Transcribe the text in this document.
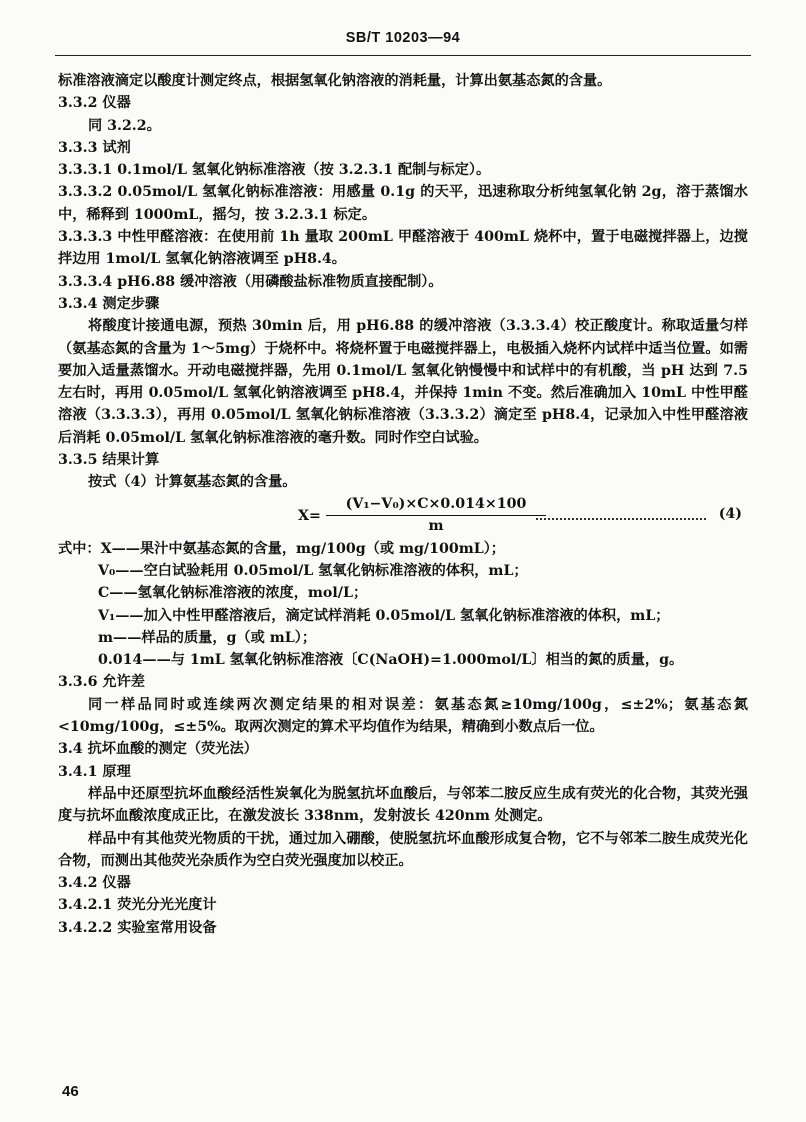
SB/T 10203—94

标准溶液滴定以酸度计测定终点，根据氢氧化钠溶液的消耗量，计算出氨基态氮的含量。

3.3.2 仪器

同 3.2.2。

3.3.3 试剂

3.3.3.1 0.1mol/L 氢氧化钠标准溶液（按 3.2.3.1 配制与标定）。

3.3.3.2 0.05mol/L 氢氧化钠标准溶液：用感量 0.1g 的天平，迅速称取分析纯氢氧化钠 2g，溶于蒸馏水中，稀释到 1000mL，摇匀，按 3.2.3.1 标定。

3.3.3.3 中性甲醛溶液：在使用前 1h 量取 200mL 甲醛溶液于 400mL 烧杯中，置于电磁搅拌器上，边搅拌边用 1mol/L 氢氧化钠溶液调至 pH8.4。

3.3.3.4 pH6.88 缓冲溶液（用磷酸盐标准物质直接配制）。

3.3.4 测定步骤

将酸度计接通电源，预热 30min 后，用 pH6.88 的缓冲溶液（3.3.3.4）校正酸度计。称取适量匀样（氨基态氮的含量为 1～5mg）于烧杯中。将烧杯置于电磁搅拌器上，电极插入烧杯内试样中适当位置。如需要加入适量蒸馏水。开动电磁搅拌器，先用 0.1mol/L 氢氧化钠慢慢中和试样中的有机酸，当 pH 达到 7.5 左右时，再用 0.05mol/L 氢氧化钠溶液调至 pH8.4，并保持 1min 不变。然后准确加入 10mL 中性甲醛溶液（3.3.3.3），再用 0.05mol/L 氢氧化钠标准溶液（3.3.3.2）滴定至 pH8.4，记录加入中性甲醛溶液后消耗 0.05mol/L 氢氧化钠标准溶液的毫升数。同时作空白试验。

3.3.5 结果计算

按式（4）计算氨基态氮的含量。

$X= \frac{\text{(V₁−V₀)×C×0.014×100}}{m}$	(4)

式中：X——果汁中氨基态氮的含量，mg/100g（或 mg/100mL）；

V₀——空白试验耗用 0.05mol/L 氢氧化钠标准溶液的体积，mL；

C——氢氧化钠标准溶液的浓度，mol/L；

V₁——加入中性甲醛溶液后，滴定试样消耗 0.05mol/L 氢氧化钠标准溶液的体积，mL；

m——样品的质量，g（或 mL）；

0.014——与 1mL 氢氧化钠标准溶液〔C(NaOH)=1.000mol/L〕相当的氮的质量，g。

3.3.6 允许差

同一样品同时或连续两次测定结果的相对误差：氨基态氮≥10mg/100g，≤±2%；氨基态氮<10mg/100g，≤±5%。取两次测定的算术平均值作为结果，精确到小数点后一位。

3.4 抗坏血酸的测定（荧光法）

3.4.1 原理

样品中还原型抗坏血酸经活性炭氧化为脱氢抗坏血酸后，与邻苯二胺反应生成有荧光的化合物，其荧光强度与抗坏血酸浓度成正比，在激发波长 338nm，发射波长 420nm 处测定。

样品中有其他荧光物质的干扰，通过加入硼酸，使脱氢抗坏血酸形成复合物，它不与邻苯二胺生成荧光化合物，而测出其他荧光杂质作为空白荧光强度加以校正。

3.4.2 仪器

3.4.2.1 荧光分光光度计

3.4.2.2 实验室常用设备

46
